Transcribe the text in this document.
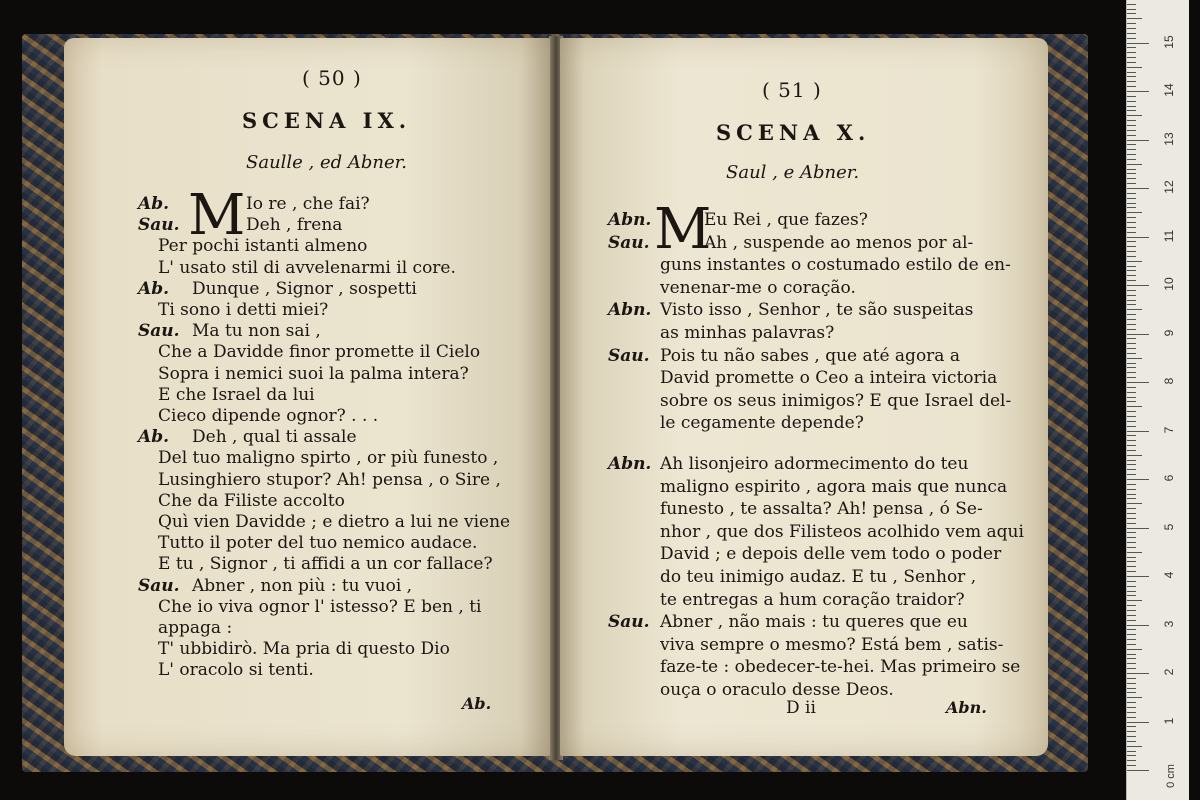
( 50 )
SCENA IX.
Saulle , ed Abner.
M
Ab.	Io re , che fai?
Sau.	Deh , frena
Per pochi istanti almeno
L' usato stil di avvelenarmi il core.
Ab. Dunque , Signor , sospetti
Ti sono i detti miei?
Sau. Ma tu non sai ,
Che a Davidde finor promette il Cielo
Sopra i nemici suoi la palma intera?
E che Israel da lui
Cieco dipende ognor? . . .
Ab. Deh , qual ti assale
Del tuo maligno spirto , or più funesto ,
Lusinghiero stupor? Ah! pensa , o Sire ,
Che da Filiste accolto
Quì vien Davidde ; e dietro a lui ne viene
Tutto il poter del tuo nemico audace.
E tu , Signor , ti affidi a un cor fallace?
Sau. Abner , non più : tu vuoi ,
Che io viva ognor l' istesso? E ben , ti
appaga :
T' ubbidirò. Ma pria di questo Dio
L' oracolo si tenti.
Ab.
( 51 )
SCENA X.
Saul , e Abner.
M
Abn.	Eu Rei , que fazes?
Sau.	Ah , suspende ao menos por al-
guns instantes o costumado estilo de en-
venenar-me o coração.
Abn. Visto isso , Senhor , te são suspeitas
as minhas palavras?
Sau. Pois tu não sabes , que até agora a
David promette o Ceo a inteira victoria
sobre os seus inimigos? E que Israel del-
le cegamente depende?
Abn. Ah lisonjeiro adormecimento do teu
maligno espirito , agora mais que nunca
funesto , te assalta? Ah! pensa , ó Se-
nhor , que dos Filisteos acolhido vem aqui
David ; e depois delle vem todo o poder
do teu inimigo audaz. E tu , Senhor ,
te entregas a hum coração traidor?
Sau. Abner , não mais : tu queres que eu
viva sempre o mesmo? Está bem , satis-
faze-te : obedecer-te-hei. Mas primeiro se
ouça o oraculo desse Deos.
D ii	Abn.
0 cm
15
14
13
12
11
10
9
8
7
6
5
4
3
2
1
